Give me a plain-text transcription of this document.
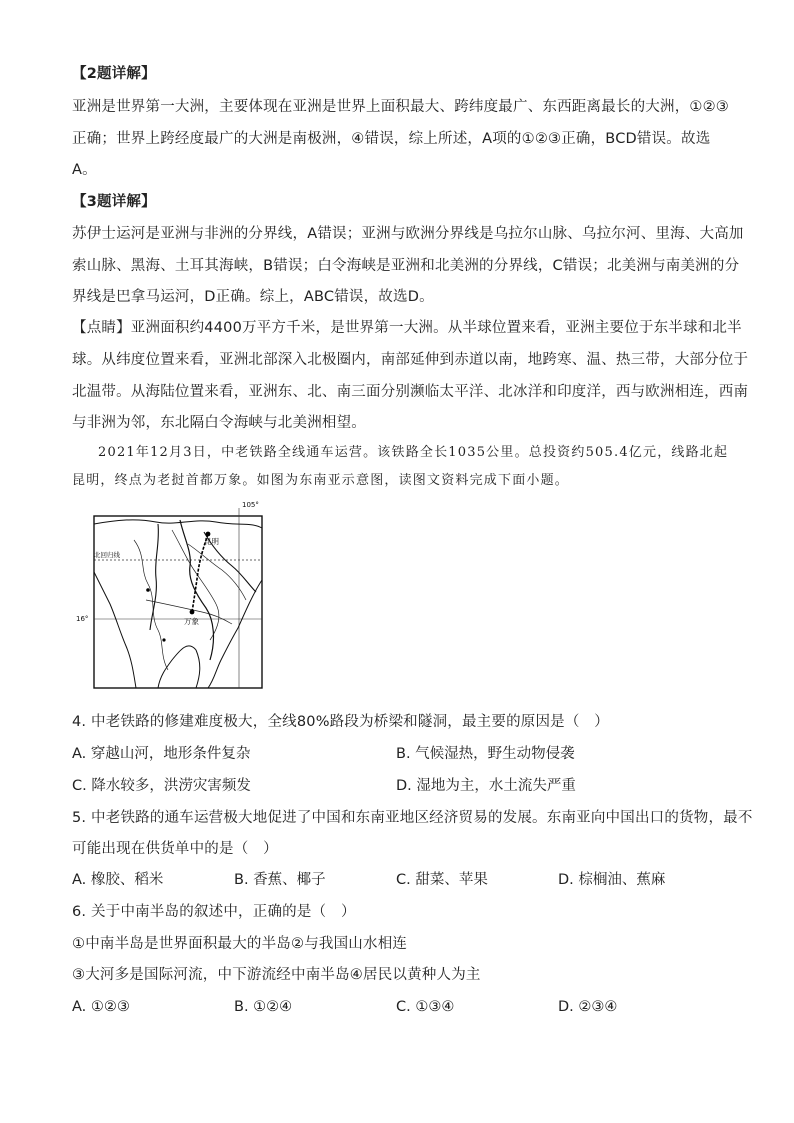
【2题详解】
亚洲是世界第一大洲，主要体现在亚洲是世界上面积最大、跨纬度最广、东西距离最长的大洲，①②③
正确；世界上跨经度最广的大洲是南极洲，④错误，综上所述，A项的①②③正确，BCD错误。故选
A。
【3题详解】
苏伊士运河是亚洲与非洲的分界线，A错误；亚洲与欧洲分界线是乌拉尔山脉、乌拉尔河、里海、大高加
索山脉、黑海、土耳其海峡，B错误；白令海峡是亚洲和北美洲的分界线，C错误；北美洲与南美洲的分
界线是巴拿马运河，D正确。综上，ABC错误，故选D。
【点睛】亚洲面积约4400万平方千米，是世界第一大洲。从半球位置来看，亚洲主要位于东半球和北半
球。从纬度位置来看，亚洲北部深入北极圈内，南部延伸到赤道以南，地跨寒、温、热三带，大部分位于
北温带。从海陆位置来看，亚洲东、北、南三面分别濒临太平洋、北冰洋和印度洋，西与欧洲相连，西南
与非洲为邻，东北隔白令海峡与北美洲相望。
2021年12月3日，中老铁路全线通车运营。该铁路全长1035公里。总投资约505.4亿元，线路北起
昆明，终点为老挝首都万象。如图为东南亚示意图，读图文资料完成下面小题。
105°
16°
昆明
万象
北回归线
4. 中老铁路的修建难度极大，全线80%路段为桥梁和隧洞，最主要的原因是（　）
A. 穿越山河，地形条件复杂	B. 气候湿热，野生动物侵袭
C. 降水较多，洪涝灾害频发	D. 湿地为主，水土流失严重
5. 中老铁路的通车运营极大地促进了中国和东南亚地区经济贸易的发展。东南亚向中国出口的货物，最不
可能出现在供货单中的是（　）
A. 橡胶、稻米	B. 香蕉、椰子	C. 甜菜、苹果	D. 棕榈油、蕉麻
6. 关于中南半岛的叙述中，正确的是（　）
①中南半岛是世界面积最大的半岛②与我国山水相连
③大河多是国际河流，中下游流经中南半岛④居民以黄种人为主
A. ①②③	B. ①②④	C. ①③④	D. ②③④
